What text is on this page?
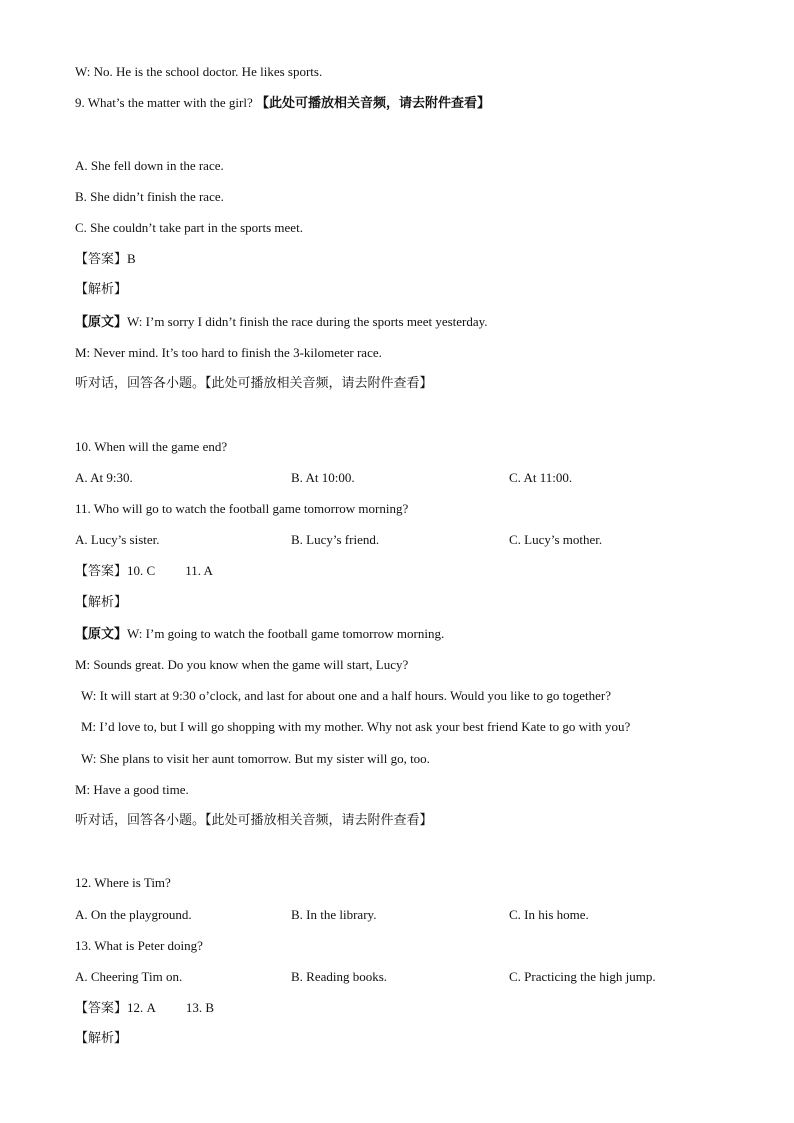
W: No. He is the school doctor. He likes sports.
9. What’s the matter with the girl? 【此处可播放相关音频，请去附件查看】
A. She fell down in the race.
B. She didn’t finish the race.
C. She couldn’t take part in the sports meet.
【答案】B
【解析】
【原文】W: I’m sorry I didn’t finish the race during the sports meet yesterday.
M: Never mind. It’s too hard to finish the 3-kilometer race.
听对话，回答各小题。【此处可播放相关音频，请去附件查看】
10. When will the game end?
A. At 9:30.	B. At 10:00.	C. At 11:00.
11. Who will go to watch the football game tomorrow morning?
A. Lucy’s sister.	B. Lucy’s friend.	C. Lucy’s mother.
【答案】10. C 11. A
【解析】
【原文】W: I’m going to watch the football game tomorrow morning.
M: Sounds great. Do you know when the game will start, Lucy?
W: It will start at 9:30 o’clock, and last for about one and a half hours. Would you like to go together?
M: I’d love to, but I will go shopping with my mother. Why not ask your best friend Kate to go with you?
W: She plans to visit her aunt tomorrow. But my sister will go, too.
M: Have a good time.
听对话，回答各小题。【此处可播放相关音频，请去附件查看】
12. Where is Tim?
A. On the playground.	B. In the library.	C. In his home.
13. What is Peter doing?
A. Cheering Tim on.	B. Reading books.	C. Practicing the high jump.
【答案】12. A 13. B
【解析】
